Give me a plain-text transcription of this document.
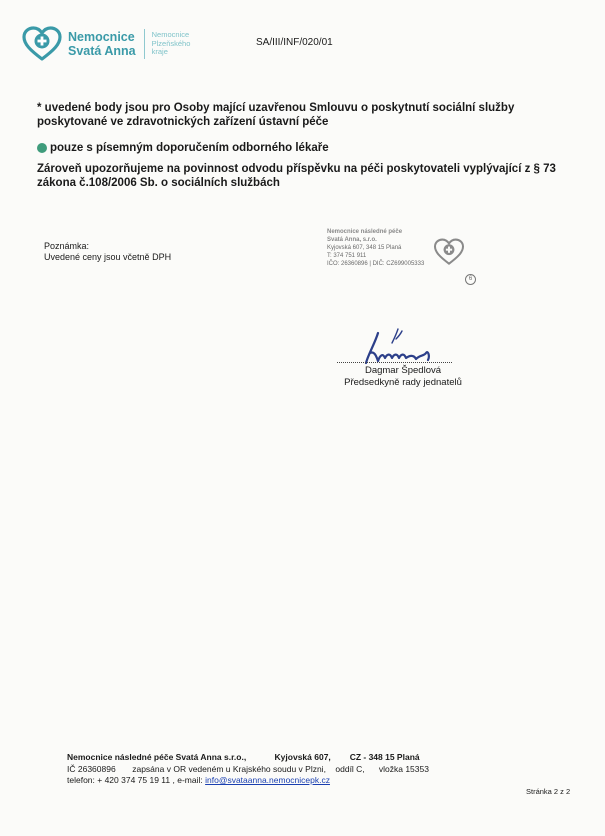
Nemocnice
Svatá Anna
Nemocnice
Plzeňského
kraje
SA/III/INF/020/01
* uvedené body jsou pro Osoby mající uzavřenou Smlouvu o poskytnutí sociální služby poskytované ve zdravotnických zařízení ústavní péče
pouze s písemným doporučením odborného lékaře
Zároveň upozorňujeme na povinnost odvodu příspěvku na péči poskytovateli vyplývající z § 73 zákona č.108/2006 Sb. o sociálních službách
Poznámka:
Uvedené ceny jsou včetně DPH
Nemocnice následné péče
Svatá Anna, s.r.o.
Kyjovská 607, 348 15 Planá
T: 374 751 911
IČO: 26360896 | DIČ: CZ699005333
6
Dagmar Špedlová
Předsedkyně rady jednatelů
Nemocnice následné péče Svatá Anna s.r.o.,
	Kyjovská 607,
CZ - 348 15 Planá
IČ 26360896
zapsána v OR vedeném u Krajského soudu v Plzni,
oddíl C,
vložka 15353
telefon: + 420 374 75 19 11
, e-mail:
info@svataanna.nemocnicepk.cz
Stránka 2 z 2
